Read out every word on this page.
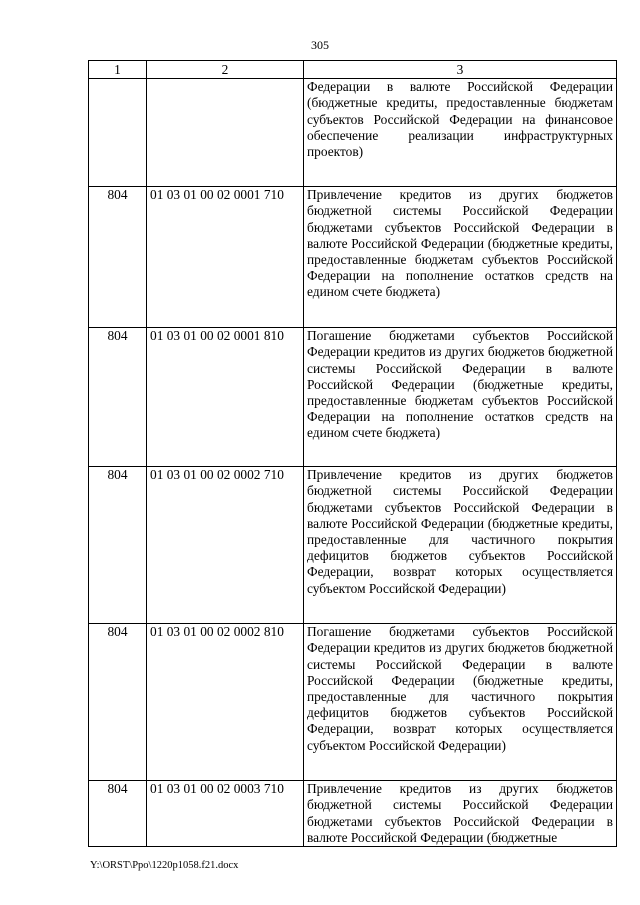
305
1	2	3
		Федерации в валюте Российской Федерации (бюджетные кредиты, предоставленные бюджетам субъектов Российской Федерации на финансовое обеспечение реализации инфраструктурных проектов)
804	01 03 01 00 02 0001 710	Привлечение кредитов из других бюджетов бюджетной системы Российской Федерации бюджетами субъектов Российской Федерации в валюте Российской Федерации (бюджетные кредиты, предоставленные бюджетам субъектов Российской Федерации на пополнение остатков средств на едином счете бюджета)
804	01 03 01 00 02 0001 810	Погашение бюджетами субъектов Российской Федерации кредитов из других бюджетов бюджетной системы Российской Федерации в валюте Российской Федерации (бюджетные кредиты, предоставленные бюджетам субъектов Российской Федерации на пополнение остатков средств на едином счете бюджета)
804	01 03 01 00 02 0002 710	Привлечение кредитов из других бюджетов бюджетной системы Российской Федерации бюджетами субъектов Российской Федерации в валюте Российской Федерации (бюджетные кредиты, предоставленные для частичного покрытия дефицитов бюджетов субъектов Российской Федерации, возврат которых осуществляется субъектом Российской Федерации)
804	01 03 01 00 02 0002 810	Погашение бюджетами субъектов Российской Федерации кредитов из других бюджетов бюджетной системы Российской Федерации в валюте Российской Федерации (бюджетные кредиты, предоставленные для частичного покрытия дефицитов бюджетов субъектов Российской Федерации, возврат которых осуществляется субъектом Российской Федерации)
804	01 03 01 00 02 0003 710	Привлечение кредитов из других бюджетов бюджетной системы Российской Федерации бюджетами субъектов Российской Федерации в валюте Российской Федерации (бюджетные
Y:\ORST\Ppo\1220p1058.f21.docx
